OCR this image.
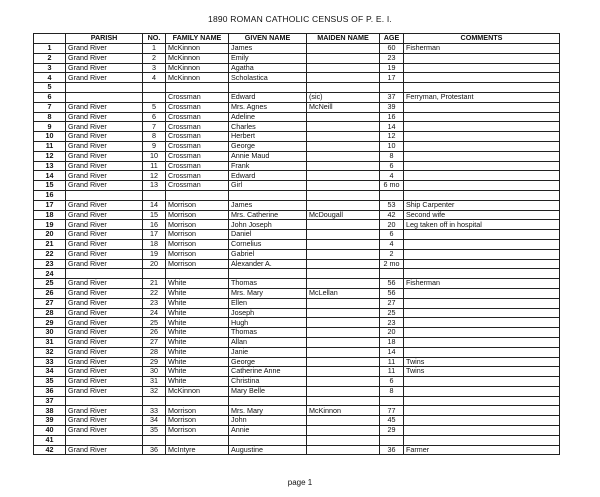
1890 ROMAN CATHOLIC CENSUS OF P. E. I.
	PARISH	NO.	FAMILY NAME	GIVEN NAME	MAIDEN NAME	AGE	COMMENTS
1	Grand River	1	McKinnon	James		60	Fisherman
2	Grand River	2	McKinnon	Emily		23	
3	Grand River	3	McKinnon	Agatha		19	
4	Grand River	4	McKinnon	Scholastica		17	
5							
6			Crossman	Edward	(sic)	37	Ferryman, Protestant
7	Grand River	5	Crossman	Mrs. Agnes	McNeill	39	
8	Grand River	6	Crossman	Adeline		16	
9	Grand River	7	Crossman	Charles		14	
10	Grand River	8	Crossman	Herbert		12	
11	Grand River	9	Crossman	George		10	
12	Grand River	10	Crossman	Annie Maud		8	
13	Grand River	11	Crossman	Frank		6	
14	Grand River	12	Crossman	Edward		4	
15	Grand River	13	Crossman	Girl		6 mo	
16							
17	Grand River	14	Morrison	James		53	Ship Carpenter
18	Grand River	15	Morrison	Mrs. Catherine	McDougall	42	Second wife
19	Grand River	16	Morrison	John Joseph		20	Leg taken off in hospital
20	Grand River	17	Morrison	Daniel		6	
21	Grand River	18	Morrison	Cornelius		4	
22	Grand River	19	Morrison	Gabriel		2	
23	Grand River	20	Morrison	Alexander A.		2 mo	
24							
25	Grand River	21	White	Thomas		56	Fisherman
26	Grand River	22	White	Mrs. Mary	McLellan	56	
27	Grand River	23	White	Ellen		27	
28	Grand River	24	White	Joseph		25	
29	Grand River	25	White	Hugh		23	
30	Grand River	26	White	Thomas		20	
31	Grand River	27	White	Allan		18	
32	Grand River	28	White	Janie		14	
33	Grand River	29	White	George		11	Twins
34	Grand River	30	White	Catherine Anne		11	Twins
35	Grand River	31	White	Christina		6	
36	Grand River	32	McKinnon	Mary Belle		8	
37							
38	Grand River	33	Morrison	Mrs. Mary	McKinnon	77	
39	Grand River	34	Morrison	John		45	
40	Grand River	35	Morrison	Annie		29	
41							
42	Grand River	36	McIntyre	Augustine		36	Farmer
page 1
